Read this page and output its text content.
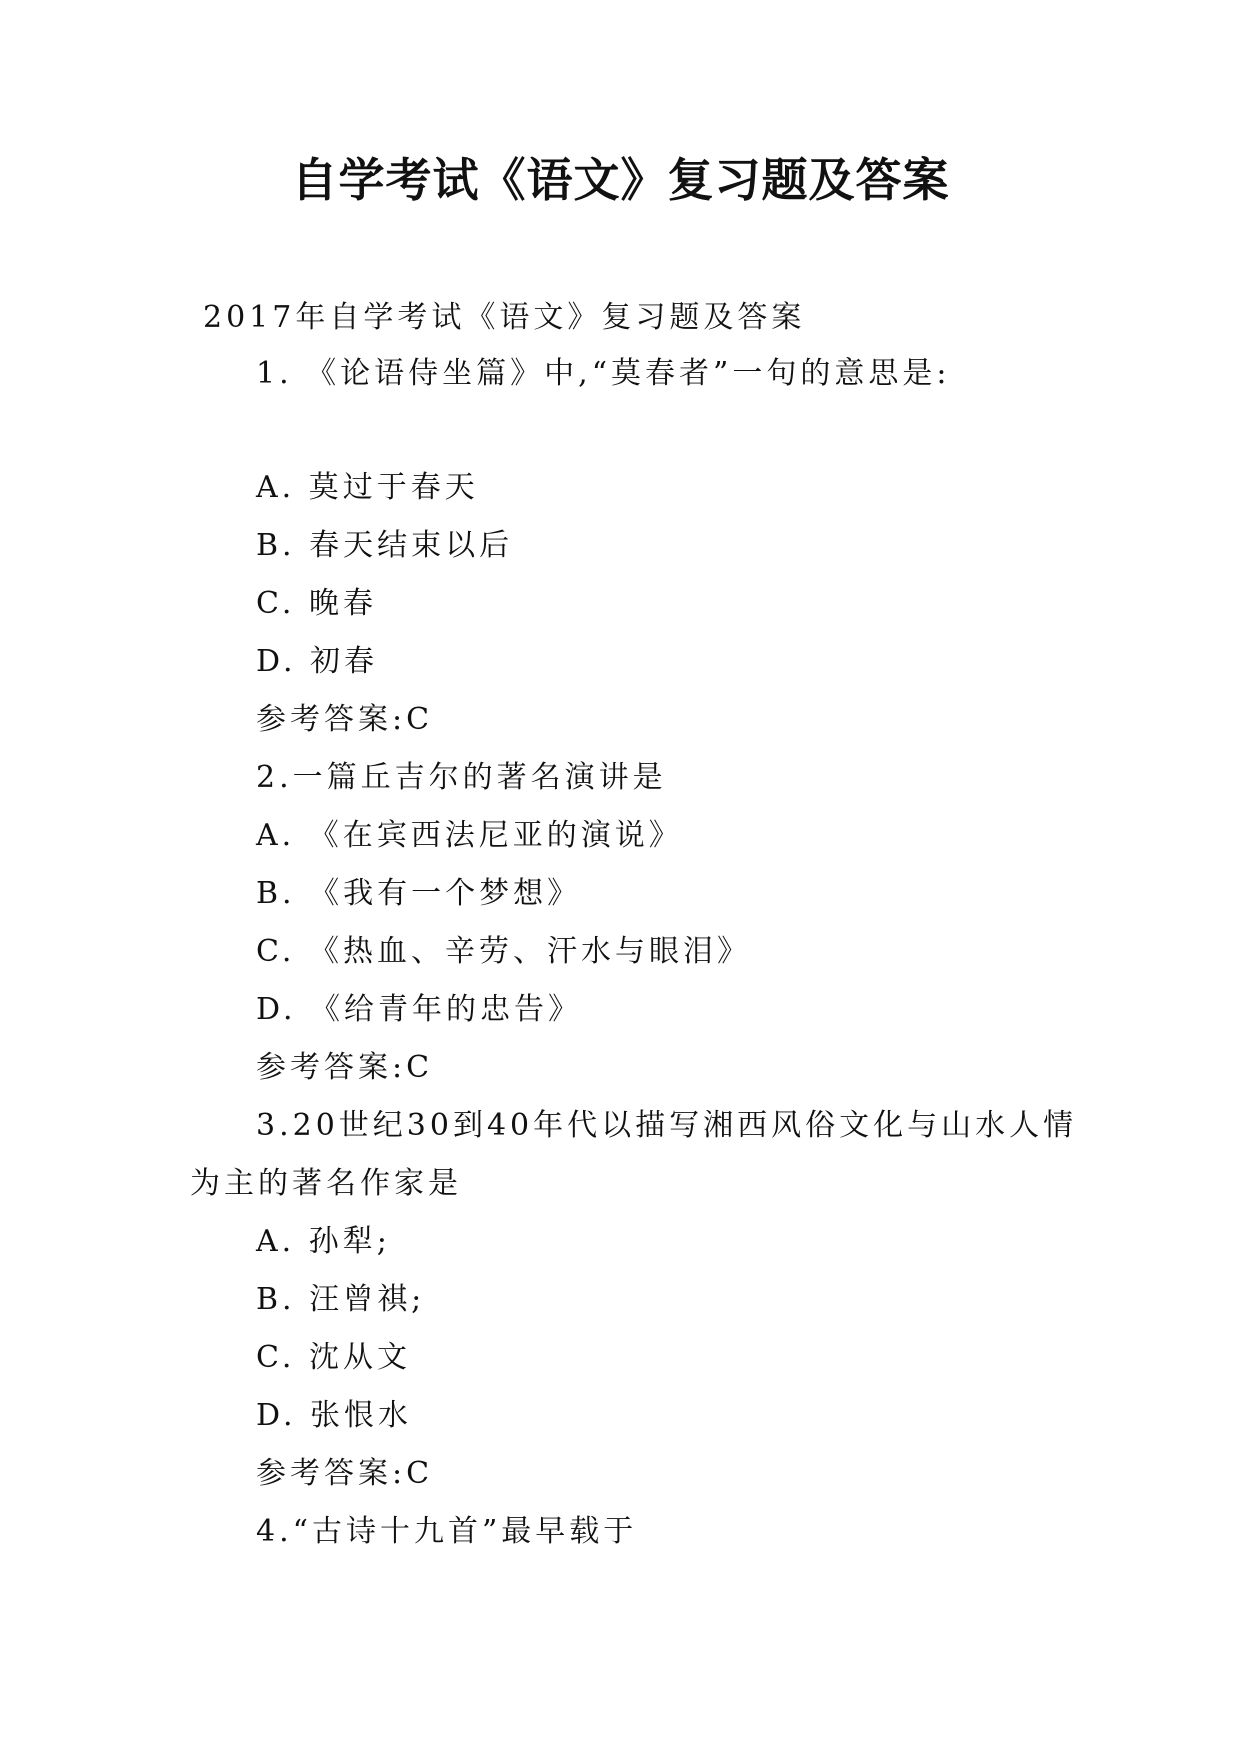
自学考试《语文》复习题及答案

2017年自学考试《语文》复习题及答案

1. 《论语侍坐篇》中,“莫春者”一句的意思是:

A. 莫过于春天

B. 春天结束以后

C. 晚春

D. 初春

参考答案:C

2.一篇丘吉尔的著名演讲是

A. 《在宾西法尼亚的演说》

B. 《我有一个梦想》

C. 《热血、辛劳、汗水与眼泪》

D. 《给青年的忠告》

参考答案:C

3.20世纪30到40年代以描写湘西风俗文化与山水人情

为主的著名作家是

A. 孙犁;

B. 汪曾祺;

C. 沈从文

D. 张恨水

参考答案:C

4.“古诗十九首”最早载于
